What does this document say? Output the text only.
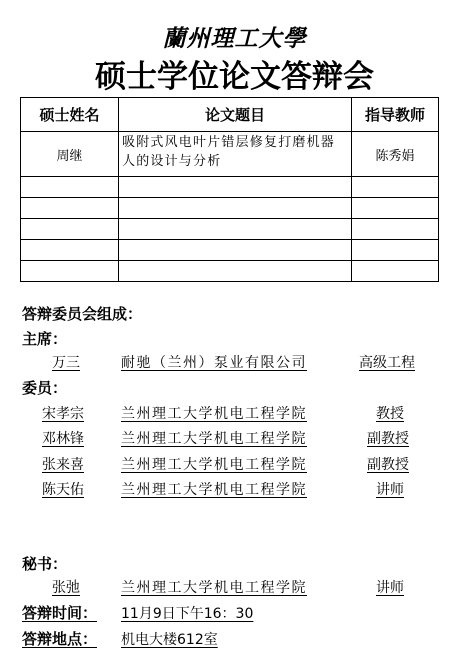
蘭州理工大學
硕士学位论文答辩会
硕士姓名	论文题目	指导教师
周继	吸附式风电叶片错层修复打磨机器人的设计与分析	陈秀娟

答辩委员会组成：
主席：
万三	耐驰（兰州）泵业有限公司	高级工程
委员：
宋孝宗	兰州理工大学机电工程学院	教授
邓林锋	兰州理工大学机电工程学院	副教授
张来喜	兰州理工大学机电工程学院	副教授
陈天佑	兰州理工大学机电工程学院	讲师
秘书：
张弛	兰州理工大学机电工程学院	讲师
答辩时间： 11月9日下午16：30
答辩地点： 机电大楼612室
